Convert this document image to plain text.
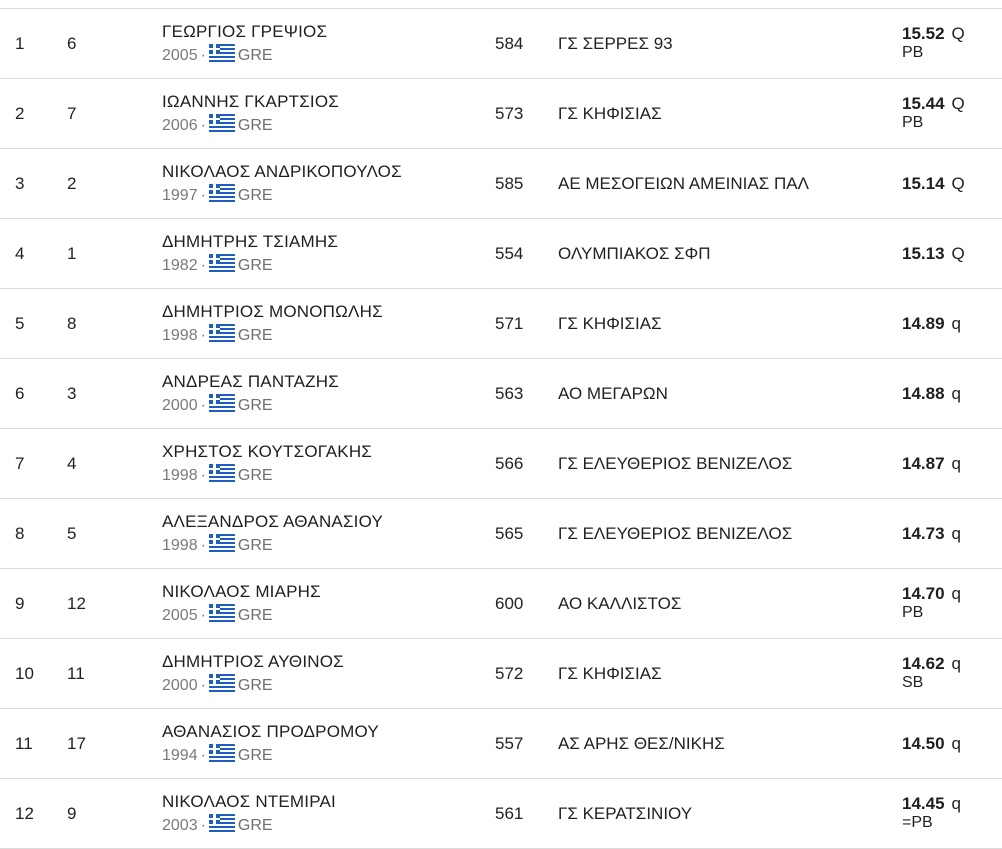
1	6
ΓΕΩΡΓΙΟΣ ΓΡΕΨΙΟΣ
2005 · GRE
584 ΓΣ ΣΕΡΡΕΣ 93
15.52 Q
PB
2	7
ΙΩΑΝΝΗΣ ΓΚΑΡΤΣΙΟΣ
2006 · GRE
573 ΓΣ ΚΗΦΙΣΙΑΣ
15.44 Q
PB
3	2
ΝΙΚΟΛΑΟΣ ΑΝΔΡΙΚΟΠΟΥΛΟΣ
1997 · GRE
585 ΑΕ ΜΕΣΟΓΕΙΩΝ ΑΜΕΙΝΙΑΣ ΠΑΛ	15.14 Q
4	1
ΔΗΜΗΤΡΗΣ ΤΣΙΑΜΗΣ
1982 · GRE
554 ΟΛΥΜΠΙΑΚΟΣ ΣΦΠ	15.13 Q
5	8
ΔΗΜΗΤΡΙΟΣ ΜΟΝΟΠΩΛΗΣ
1998 · GRE
571 ΓΣ ΚΗΦΙΣΙΑΣ	14.89 q
6	3
ΑΝΔΡΕΑΣ ΠΑΝΤΑΖΗΣ
2000 · GRE
563 ΑΟ ΜΕΓΑΡΩΝ	14.88 q
7	4
ΧΡΗΣΤΟΣ ΚΟΥΤΣΟΓΑΚΗΣ
1998 · GRE
566 ΓΣ ΕΛΕΥΘΕΡΙΟΣ ΒΕΝΙΖΕΛΟΣ	14.87 q
8	5
ΑΛΕΞΑΝΔΡΟΣ ΑΘΑΝΑΣΙΟΥ
1998 · GRE
565 ΓΣ ΕΛΕΥΘΕΡΙΟΣ ΒΕΝΙΖΕΛΟΣ	14.73 q
9	12
ΝΙΚΟΛΑΟΣ ΜΙΑΡΗΣ
2005 · GRE
600 ΑΟ ΚΑΛΛΙΣΤΟΣ
14.70 q
PB
10 11
ΔΗΜΗΤΡΙΟΣ ΑΥΘΙΝΟΣ
2000 · GRE
572 ΓΣ ΚΗΦΙΣΙΑΣ
14.62 q
SB
11 17
ΑΘΑΝΑΣΙΟΣ ΠΡΟΔΡΟΜΟΥ
1994 · GRE
557 ΑΣ ΑΡΗΣ ΘΕΣ/ΝΙΚΗΣ	14.50 q
12 9
ΝΙΚΟΛΑΟΣ ΝΤΕΜΙΡΑΙ
2003 · GRE
561 ΓΣ ΚΕΡΑΤΣΙΝΙΟΥ
14.45 q
=PB
